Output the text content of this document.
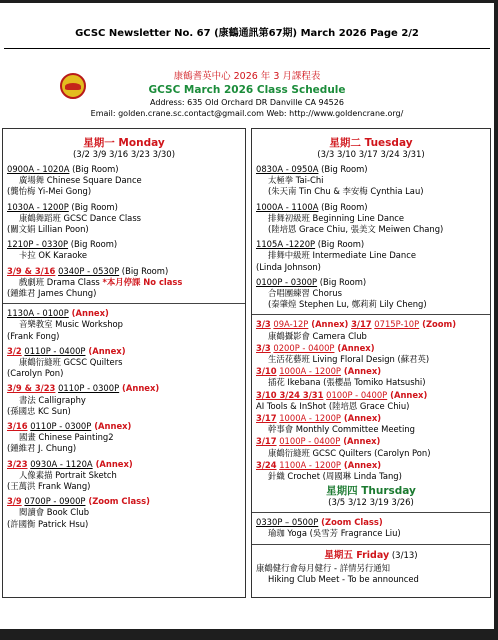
GCSC Newsletter No. 67 (康鶴通訊第67期) March 2026 Page 2/2
康鶴耆英中心 2026 年 3 月課程表
GCSC March 2026 Class Schedule
Address: 635 Old Orchard DR Danville CA 94526
Email: golden.crane.sc.contact@gmail.com Web: http://www.goldencrane.org/
星期一 Monday
(3/2 3/9 3/16 3/23 3/30)
0900A - 1020A (Big Room)
廣場舞 Chinese Square Dance
(龔怡梅 Yi-Mei Gong)
1030A - 1200P (Big Room)
康鶴舞蹈班 GCSC Dance Class
(關文娟 Lillian Poon)
1210P - 0330P (Big Room)
卡拉 OK Karaoke
3/9 & 3/16 0340P - 0530P (Big Room)
戲劇班 Drama Class *本月停課 No class
(鍾維君 James Chung)
1130A - 0100P (Annex)
音樂教室 Music Workshop
(Frank Fong)
3/2 0110P - 0400P (Annex)
康鶴衍縫班 GCSC Quilters
(Carolyn Pon)
3/9 & 3/23 0110P - 0300P (Annex)
書法 Calligraphy
(孫國忠 KC Sun)
3/16 0110P - 0300P (Annex)
國畫 Chinese Painting2
(鍾維君 J. Chung)
3/23 0930A - 1120A (Annex)
人像素描 Portrait Sketch
(王萬洪 Frank Wang)
3/9 0700P - 0900P (Zoom Class)
閱讀會 Book Club
(許國衡 Patrick Hsu)
星期二 Tuesday
(3/3 3/10 3/17 3/24 3/31)
0830A - 0950A (Big Room)
太極拳 Tai-Chi
(朱天南 Tin Chu & 李安梅 Cynthia Lau)
1000A - 1100A (Big Room)
排舞初級班 Beginning Line Dance
(陸培恩 Grace Chiu, 張美文 Meiwen Chang)
1105A -1220P (Big Room)
排舞中級班 Intermediate Line Dance
(Linda Johnson)
0100P - 0300P (Big Room)
合唱團練習 Chorus
(秦肇煌 Stephen Lu, 鄭莉莉 Lily Cheng)
3/3 09A-12P (Annex) 3/17 0715P-10P (Zoom)
康鶴攝影會 Camera Club
3/3 0200P - 0400P (Annex)
生活花藝班 Living Floral Design (蘇君英)
3/10 1000A - 1200P (Annex)
插花 Ikebana (張櫻晶 Tomiko Hatsushi)
3/10 3/24 3/31 0100P - 0400P (Annex)
AI Tools & InShot (陸培恩 Grace Chiu)
3/17 1000A - 1200P (Annex)
幹事會 Monthly Committee Meeting
3/17 0100P - 0400P (Annex)
康鶴衍縫班 GCSC Quilters (Carolyn Pon)
3/24 1100A - 1200P (Annex)
針織 Crochet (周國琳 Linda Tang)
星期四 Thursday
(3/5 3/12 3/19 3/26)
0330P – 0500P (Zoom Class)
瑜珈 Yoga (吳雪芳 Fragrance Liu)
星期五 Friday (3/13)
康鶴健行會每月健行 - 詳情另行通知
Hiking Club Meet - To be announced
